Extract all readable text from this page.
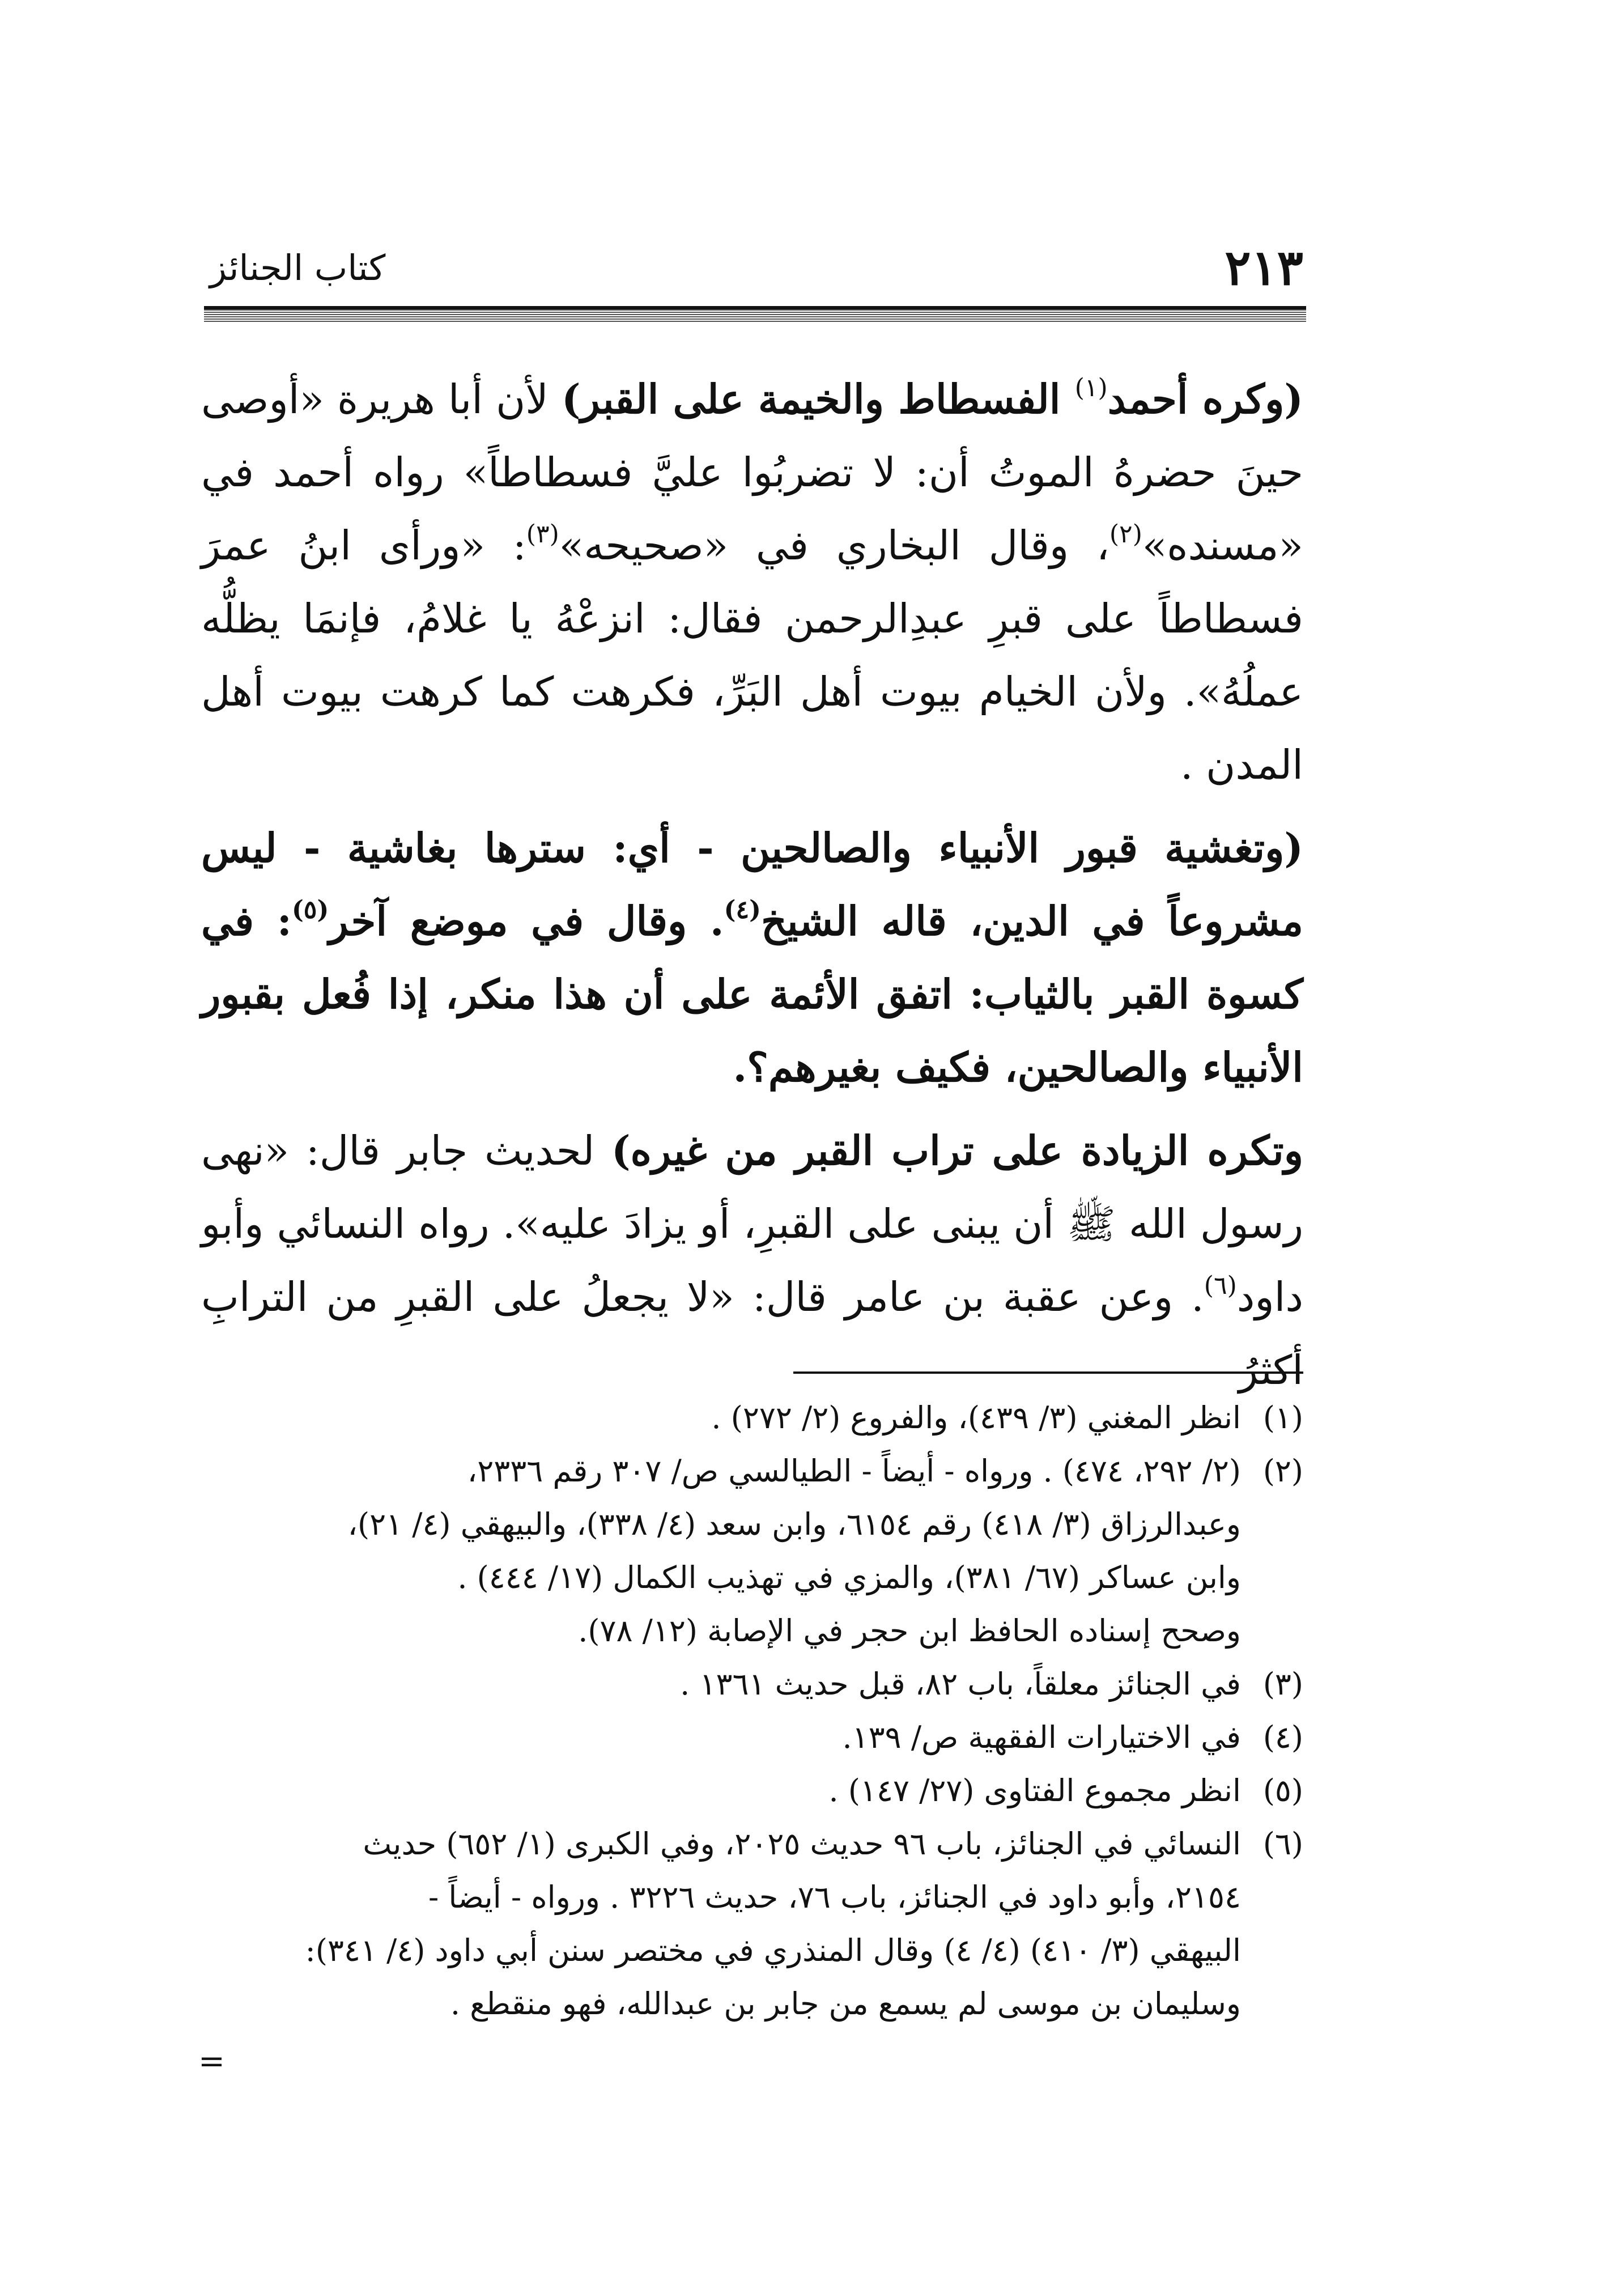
٢١٣
كتاب الجنائز

(وكره أحمد$^{(١)}$ الفسطاط والخيمة على القبر) لأن أبا هريرة «أوصى حينَ حضرهُ الموتُ أن: لا تضربُوا عليَّ فسطاطاً» رواه أحمد في «مسنده»$^{(٢)}$، وقال البخاري في «صحيحه»$^{(٣)}$: «ورأى ابنُ عمرَ فسطاطاً على قبرِ عبدِالرحمن فقال: انزعْهُ يا غلامُ، فإنمَا يظلُّه عملُهُ». ولأن الخيام بيوت أهل البَرِّ، فكرهت كما كرهت بيوت أهل المدن .

(وتغشية قبور الأنبياء والصالحين - أي: سترها بغاشية - ليس مشروعاً في الدين، قاله الشيخ$^{(٤)}$. وقال في موضع آخر$^{(٥)}$: في كسوة القبر بالثياب: اتفق الأئمة على أن هذا منكر، إذا فُعل بقبور الأنبياء والصالحين، فكيف بغيرهم؟.

وتكره الزيادة على تراب القبر من غيره) لحديث جابر قال: «نهى رسول الله ﷺ أن يبنى على القبرِ، أو يزادَ عليه». رواه النسائي وأبو داود$^{(٦)}$. وعن عقبة بن عامر قال: «لا يجعلُ على القبرِ من الترابِ أكثرُ

(١)
انظر المغني (٣/ ٤٣٩)، والفروع (٢/ ٢٧٢) .
(٢)
(٢/ ٢٩٢، ٤٧٤) . ورواه - أيضاً - الطيالسي ص/ ٣٠٧ رقم ٢٣٣٦،
وعبدالرزاق (٣/ ٤١٨) رقم ٦١٥٤، وابن سعد (٤/ ٣٣٨)، والبيهقي (٤/ ٢١)،
وابن عساكر (٦٧/ ٣٨١)، والمزي في تهذيب الكمال (١٧/ ٤٤٤) .
وصحح إسناده الحافظ ابن حجر في الإصابة (١٢/ ٧٨).
(٣)
في الجنائز معلقاً، باب ٨٢، قبل حديث ١٣٦١ .
(٤)
في الاختيارات الفقهية ص/ ١٣٩.
(٥)
انظر مجموع الفتاوى (٢٧/ ١٤٧) .
(٦)
النسائي في الجنائز، باب ٩٦ حديث ٢٠٢٥، وفي الكبرى (١/ ٦٥٢) حديث
٢١٥٤، وأبو داود في الجنائز، باب ٧٦، حديث ٣٢٢٦ . ورواه - أيضاً -
البيهقي (٣/ ٤١٠) (٤/ ٤) وقال المنذري في مختصر سنن أبي داود (٤/ ٣٤١):
وسليمان بن موسى لم يسمع من جابر بن عبدالله، فهو منقطع .
=
